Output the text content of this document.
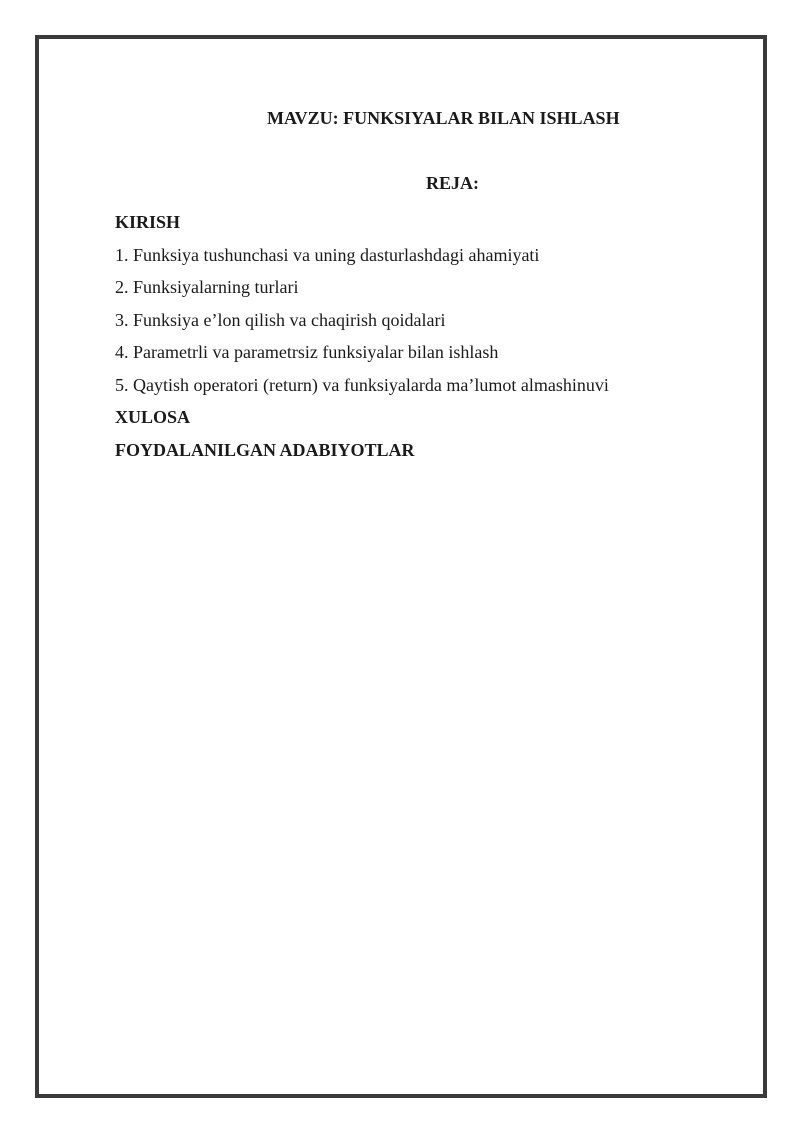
MAVZU: FUNKSIYALAR BILAN ISHLASH
REJA:
KIRISH
1. Funksiya tushunchasi va uning dasturlashdagi ahamiyati
2. Funksiyalarning turlari
3. Funksiya e’lon qilish va chaqirish qoidalari
4. Parametrli va parametrsiz funksiyalar bilan ishlash
5. Qaytish operatori (return) va funksiyalarda ma’lumot almashinuvi
XULOSA
FOYDALANILGAN ADABIYOTLAR
